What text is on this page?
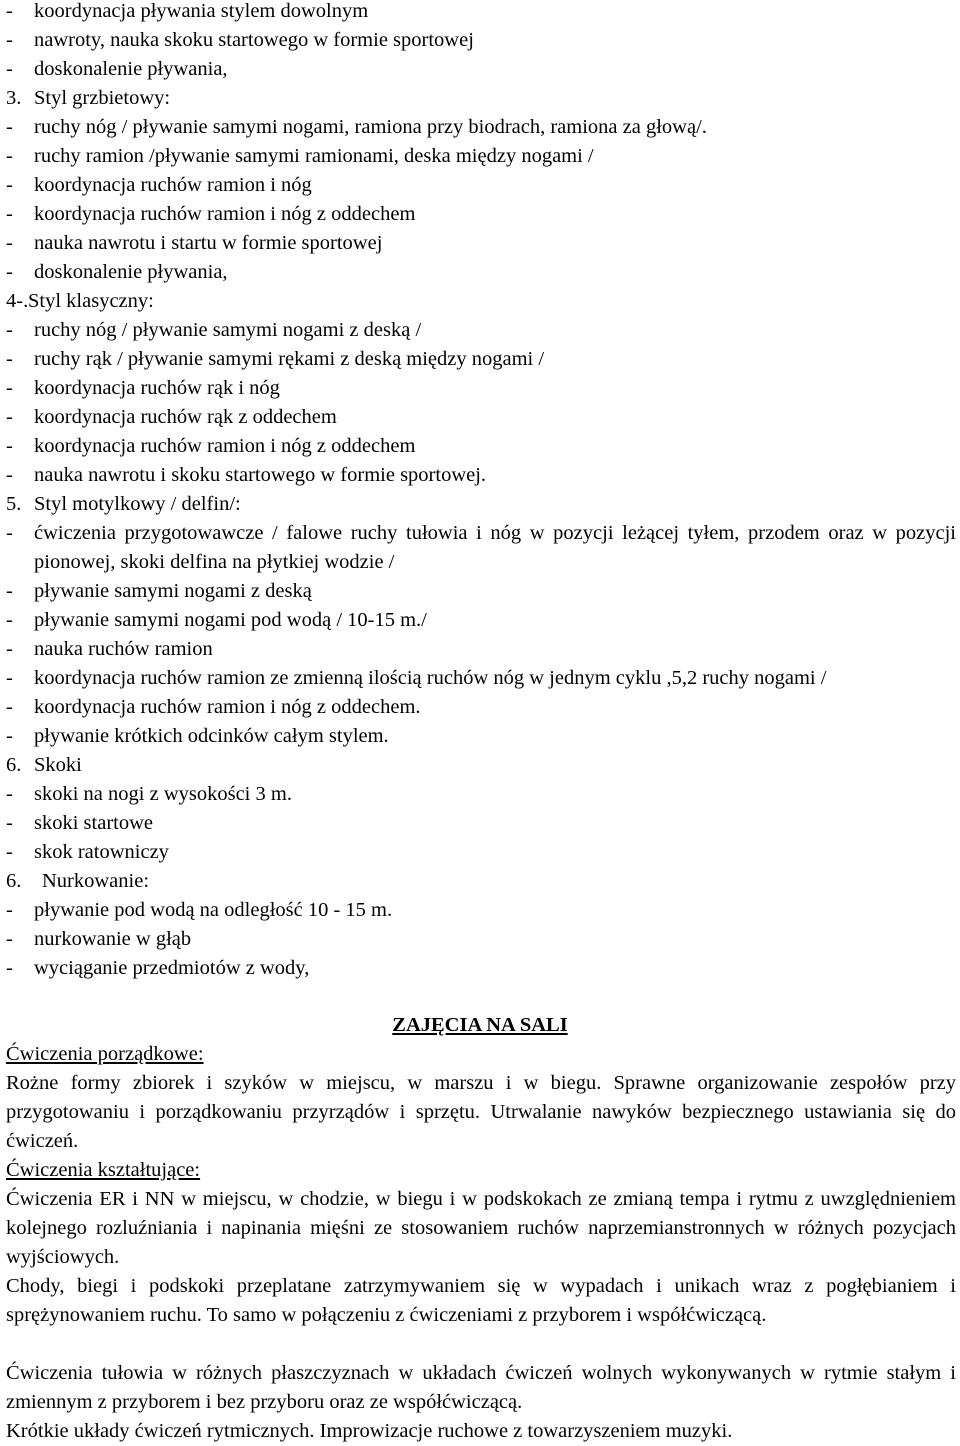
-	koordynacja pływania stylem dowolnym
-	nawroty, nauka skoku startowego w formie sportowej
-	doskonalenie pływania,
3. Styl grzbietowy:
-	ruchy nóg / pływanie samymi nogami, ramiona przy biodrach, ramiona za głową/.
-	ruchy ramion /pływanie samymi ramionami, deska między nogami /
-	koordynacja ruchów ramion i nóg
-	koordynacja ruchów ramion i nóg z oddechem
-	nauka nawrotu i startu w formie sportowej
-	doskonalenie pływania,
4-. Styl klasyczny:
-	ruchy nóg / pływanie samymi nogami z deską /
-	ruchy rąk / pływanie samymi rękami z deską między nogami /
-	koordynacja ruchów rąk i nóg
-	koordynacja ruchów rąk z oddechem
-	koordynacja ruchów ramion i nóg z oddechem
-	nauka nawrotu i skoku startowego w formie sportowej.
5. Styl motylkowy / delfin/:
-	ćwiczenia przygotowawcze / falowe ruchy tułowia i nóg w pozycji leżącej tyłem, przodem oraz w pozycji pionowej, skoki delfina na płytkiej wodzie /
-	pływanie samymi nogami z deską
-	pływanie samymi nogami pod wodą / 10-15 m./
-	nauka ruchów ramion
-	koordynacja ruchów ramion ze zmienną ilością ruchów nóg w jednym cyklu ,5,2 ruchy nogami /
-	koordynacja ruchów ramion i nóg z oddechem.
-	pływanie krótkich odcinków całym stylem.
6. Skoki
-	skoki na nogi z wysokości 3 m.
-	skoki startowe
-	skok ratowniczy
6. Nurkowanie:
-	pływanie pod wodą na odległość 10 - 15 m.
-	nurkowanie w głąb
-	wyciąganie przedmiotów z wody,
ZAJĘCIA NA SALI
Ćwiczenia porządkowe:
Rożne formy zbiorek i szyków w miejscu, w marszu i w biegu. Sprawne organizowanie zespołów przy przygotowaniu i porządkowaniu przyrządów i sprzętu. Utrwalanie nawyków bezpiecznego ustawiania się do ćwiczeń.
Ćwiczenia kształtujące:
Ćwiczenia ER i NN w miejscu, w chodzie, w biegu i w podskokach ze zmianą tempa i rytmu z uwzględnieniem kolejnego rozluźniania i napinania mięśni ze stosowaniem ruchów naprzemianstronnych w różnych pozycjach wyjściowych.
Chody, biegi i podskoki przeplatane zatrzymywaniem się w wypadach i unikach wraz z pogłębianiem i sprężynowaniem ruchu. To samo w połączeniu z ćwiczeniami z przyborem i współćwiczącą.
Ćwiczenia tułowia w różnych płaszczyznach w układach ćwiczeń wolnych wykonywanych w rytmie stałym i zmiennym z przyborem i bez przyboru oraz ze współćwiczącą.
Krótkie układy ćwiczeń rytmicznych. Improwizacje ruchowe z towarzyszeniem muzyki.
